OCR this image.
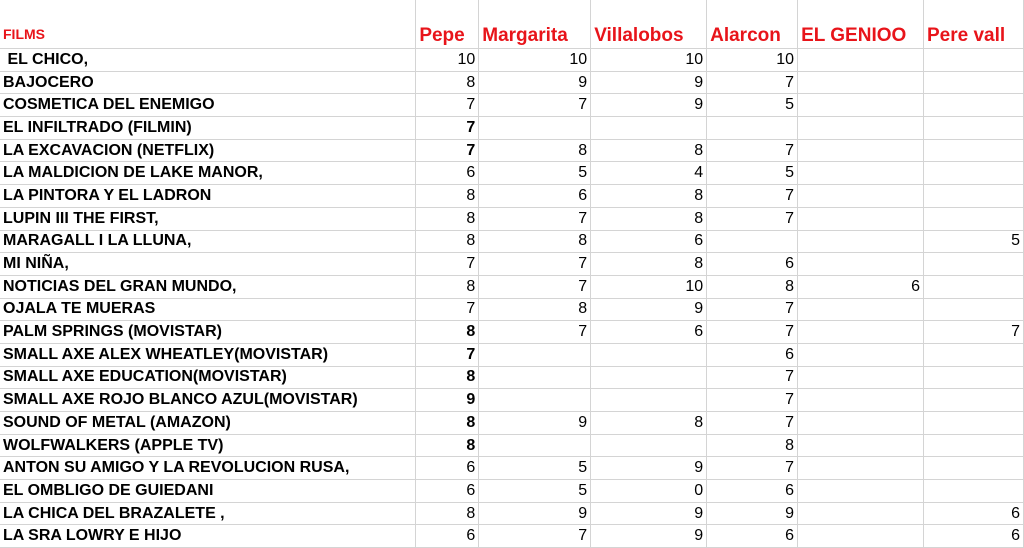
FILMS	Pepe	Margarita	Villalobos	Alarcon	EL GENIOO	Pere vall
EL CHICO,	10	10	10	10		
BAJOCERO	8	9	9	7		
COSMETICA DEL ENEMIGO	7	7	9	5		
EL INFILTRADO (FILMIN)	7					
LA EXCAVACION (NETFLIX)	7	8	8	7		
LA MALDICION DE LAKE MANOR,	6	5	4	5		
LA PINTORA Y EL LADRON	8	6	8	7		
LUPIN III THE FIRST,	8	7	8	7		
MARAGALL I LA LLUNA,	8	8	6			5
MI NIÑA,	7	7	8	6		
NOTICIAS DEL GRAN MUNDO,	8	7	10	8	6	
OJALA TE MUERAS	7	8	9	7		
PALM SPRINGS (MOVISTAR)	8	7	6	7		7
SMALL AXE ALEX WHEATLEY(MOVISTAR)	7			6		
SMALL AXE EDUCATION(MOVISTAR)	8			7		
SMALL AXE ROJO BLANCO AZUL(MOVISTAR)	9			7		
SOUND OF METAL (AMAZON)	8	9	8	7		
WOLFWALKERS (APPLE TV)	8			8		
ANTON SU AMIGO Y LA REVOLUCION RUSA,	6	5	9	7		
EL OMBLIGO DE GUIEDANI	6	5	0	6		
LA CHICA DEL BRAZALETE ,	8	9	9	9		6
LA SRA LOWRY E HIJO	6	7	9	6		6
